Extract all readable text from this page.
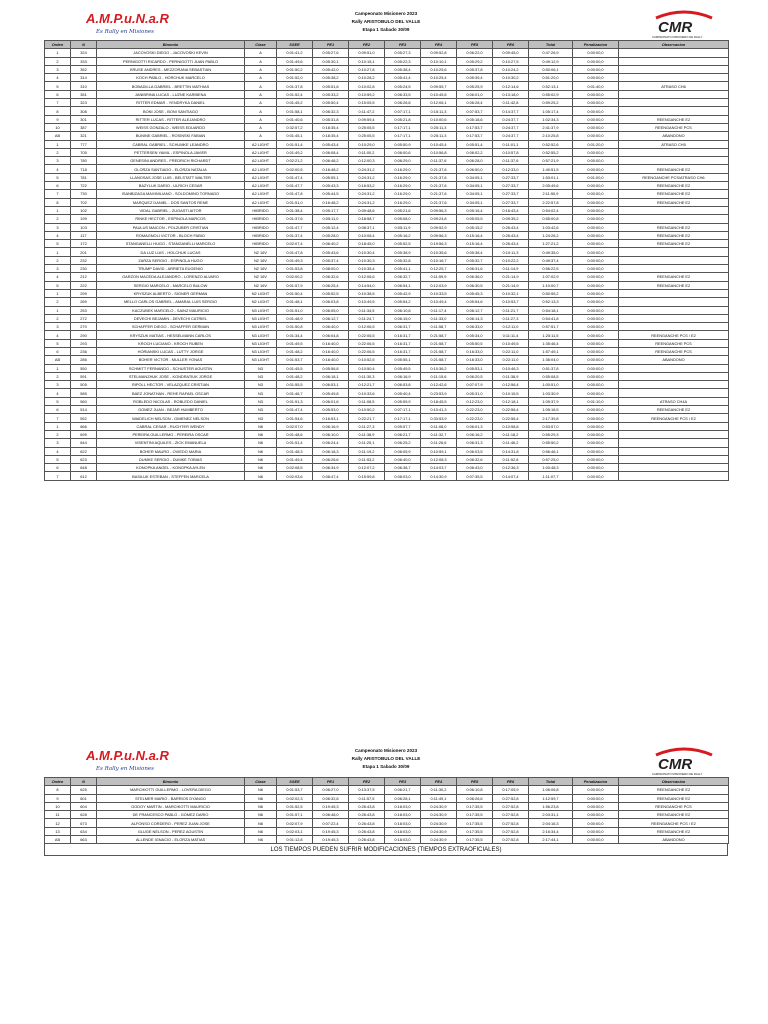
A.M.P.u.N.a.R
Es Rally en Misiones
Campeonato Misionero 2023
Rally ARISTOBULO DEL VALLE
Etapa 1 Sabado 30/09	CMR
CAMPEONATO MISIONERO DE RALLY
Orden	N	Binomio	Clase	SSEE	PE1	PE2	PE3	PE4	PE5	PE6	Total	Penalizacion	Observacion
1	324	JACOVOSKI DIEGO - JACOVOSKI KEVIN	A	0:01:41,2	0:05:27,6	0:09:51,0	0:05:27,3	0:09:52,8	0:06:22,0	0:09:45,0	0:47:26,9	0:00:00,0	
2	333	PERNIGOTTI RICARDO - PERNIGOTTI JUAN PABLO	A	0:01:49,6	0:05:30,1	0:10:15,1	0:05:22,3	0:10:10,1	0:05:29,2	0:10:27,5	0:49:12,9	0:00:00,0	
3	352	KRUSE ANDRES - MEZZORANA SEBASTIAN	A	0:01:50,2	0:05:42,0	0:10:27,8	0:05:38,4	0:10:25,6	0:05:37,8	0:10:24,2	0:50:06,1	0:00:00,0	
4	314	KOCH PABLO - HORCHUK MARCELO	A	0:01:52,0	0:05:38,2	0:10:28,2	0:05:41,4	0:10:25,4	0:05:39,4	0:10:30,2	0:51:20,0	0:00:00,0	
5	310	BOBADILLA GABRIEL - BRETTIN MATHIAS	A	0:01:37,8	0:05:51,8	0:10:02,8	0:05:24,5	0:09:55,7	0:05:25,9	0:12:14,6	0:52:13,1	0:01:40,0	ATRASO CH6
6	351	JANIBRINA LUCAS - LUZNE KARIBENA	A	0:01:52,4	0:05:33,2	0:10:59,2	0:06:33,5	0:10:45,6	0:06:01,0	0:13:18,0	0:55:02,9	0:00:00,0	
7	323	RITTER EDMAR - YENDRYKA DANIEL	A	0:01:45,2	0:05:50,4	0:15:05,5	0:06:26,8	0:12:06,1	0:06:28,4	0:11:42,8	0:59:25,2	0:00:00,0	
8	308	BONI JOSE - BONI SANTIAGO	A	0:01:58,1	0:06:32,3	0:11:47,2	0:07:17,1	0:15:11,3	0:07:53,7	0:14:37,7	1:05:17,4	0:00:00,0	
9	301	RITTER LUCAS - RITTER ALEJANDRO	A	0:01:40,6	0:05:31,8	0:09:59,4	0:05:21,8	0:10:00,6	0:05:18,6	0:24:37,7	1:02:34,3	0:00:00,0	REENGANCHE E2
10	387	WEISS GONZALO - WEISS EDUARDO	A	0:32:57,2	0:18:35,4	0:25:05,5	0:17:17,1	0:25:11,3	0:17:53,7	0:24:37,7	2:41:37,9	0:00:00,0	REENGANCHE PCS
AB	321	BUNINE GABRIEL - ROSINSKI FABIAN	A	0:01:45,1	0:18:35,4	0:25:05,5	0:17:17,1	0:25:11,3	0:17:53,7	0:24:37,7	2:10:25,8	0:00:00,0	ABANDONO
1	777	CABRAL GABRIEL - SCHUMKE LEANDRO	A2 LIGHT	0:01:51,4	0:05:43,4	0:10:29,0	0:05:50,9	0:10:45,4	0:05:51,4	0:11:01,1	0:52:52,6	0:01:20,0	ATRASO CH5
2	705	PETTERSEN YAMIL - ESPINOLA JAVIER	A2 LIGHT	0:01:49,2	0:06:08,4	0:11:00,2	0:06:00,6	0:10:56,8	0:06:02,2	0:10:57,8	0:52:55,2	0:00:00,0	
3	780	GENESINI ANDRES - FREDRICH RICHARDT	A2 LIGHT	0:02:21,2	0:06:48,2	0:12:00,3	0:06:29,0	0:11:37,6	0:06:28,0	0:11:37,6	0:57:21,9	0:00:00,0	
4	718	GLORZA SANTIAGO - ELORZA NATALIA	A2 LIGHT	0:02:00,5	0:16:48,2	0:24:31,2	0:16:29,0	0:21:37,6	0:06:50,0	0:12:33,0	1:40:51,5	0:00:00,0	REENGANCHE E2
5	781	LLANOSAS JOSE LUIS - BELSTATT WALTER	A2 LIGHT	0:01:47,4	0:05:55,1	0:24:31,2	0:16:29,0	0:21:37,6	0:34:05,1	0:27:33,7	1:53:01,1	0:01:00,0	REENGANCHE PCS/ATRASO CH6
6	722	BAZYLUK DARIO - ULRICH CESAR	A2 LIGHT	0:01:47,7	0:05:43,3	0:16:53,2	0:16:29,0	0:21:37,6	0:34:05,1	0:27:33,7	2:05:49,6	0:00:00,0	REENGANCHE E2
7	730	ISANBIZAGA MAXIMILIANO - SOLDOMINO TORNADO	A2 LIGHT	0:01:47,8	0:05:44,5	0:24:31,2	0:16:29,0	0:21:37,6	0:34:05,1	0:27:33,7	2:11:50,9	0:00:00,0	REENGANCHE E2
8	702	MARQUEZ DANIEL - DOS SANTOS RENE	A2 LIGHT	0:01:51,0	0:16:48,2	0:24:31,2	0:16:29,0	0:21:37,6	0:34:05,1	0:27:33,7	2:22:57,8	0:00:00,0	REENGANCHE E2
1	102	VIDAL GABRIEL - ZUGASTI AITOR	HIBRIDO	0:01:38,4	0:05:17,7	0:09:48,6	0:05:21,6	0:09:56,3	0:05:16,4	0:16:43,4	0:54:02,4	0:00:00,0	
2	199	RINKE HECTOR - ESPINOLA MARCOS	HIBRIDO	0:01:37,6	0:05:11,0	0:18:58,7	0:05:08,0	0:09:24,8	0:05:05,5	0:09:35,2	0:55:00,8	0:00:00,0	
3	103	PAULUS MAICON - POLZUBER CRISTIAN	HIBRIDO	0:01:47,7	0:05:12,4	0:08:37,1	0:05:11,9	0:09:52,9	0:05:15,2	0:26:43,4	1:03:42,6	0:00:00,0	REENGANCHE E2
4	117	ROMAGNOLI VICTOR - BLOCH FABIO	HIBRIDO	0:01:37,4	0:05:28,0	0:10:08,4	0:05:16,2	0:09:56,3	0:15:16,4	0:26:43,4	1:24:26,2	0:00:00,0	REENGANCHE E2
5	172	STANGANELLI HUGO - STANGANELLI MARCELO	HIBRIDO	0:02:07,4	0:06:40,2	0:18:45,0	0:05:52,5	0:19:56,3	0:15:16,4	0:26:43,4	1:27:21,2	0:00:00,0	REENGANCHE E2
1	201	DA LUZ LUIS - HOLCHUK LUCAS	N2 16V	0:01:47,8	0:05:43,6	0:10:30,4	0:05:38,9	0:10:35,6	0:05:38,4	0:10:11,3	0:49:35,0	0:00:00,0	
2	232	ZARZA SERGIO - ESPINOLA HUGO	N2 16V	0:01:49,3	0:05:37,4	0:10:30,3	0:05:32,8	0:10:16,7	0:05:32,7	0:10:22,2	0:49:37,4	0:00:00,0	
3	230	TRUMP DAVID - ARRIETA EUGENIO	N2 16V	0:01:53,8	0:08:00,0	0:10:35,4	0:05:41,1	0:12:25,7	0:06:31,6	0:11:14,9	0:56:22,5	0:00:00,0	
4	212	GARZON MACEDA ALEJANDRO - LORENZO ALVARO	N2 16V	0:02:00,2	0:06:32,6	0:12:06,6	0:06:32,7	0:11:59,9	0:06:36,0	0:21:14,9	1:07:02,9	0:00:00,0	REENGANCHE E2
5	222	SERGIO MARCELO - MARCELO BULOW	N2 16V	0:01:57,9	0:06:25,4	0:14:54,0	0:06:54,1	0:12:03,9	0:06:30,5	0:21:14,9	1:10:00,7	0:00:00,0	REENGANCHE E2
1	299	KRYSZUK ALBERTO - SIGNER GERMAN	N2 LIGHT	0:01:50,4	0:05:52,5	0:10:38,5	0:05:42,9	0:10:33,5	0:05:45,3	0:10:32,1	0:50:55,2	0:00:00,0	
2	269	MELLO CARLOS GABRIEL - AMARAL LUIS SERGIO	N2 LIGHT	0:01:48,1	0:06:03,8	0:10:49,5	0:05:54,2	0:10:49,4	0:05:54,6	0:10:53,7	0:52:13,3	0:00:00,0	
1	253	KACZUBEK MARCELO - SAINZ MAURICIO	N3 LIGHT	0:01:51,0	0:06:05,0	0:11:34,5	0:06:10,8	0:11:17,4	0:06:12,7	0:11:21,7	0:54:18,1	0:00:00,0	
2	272	DEVECHI BEJAMIN - DEVECHI CATRIEL	N3 LIGHT	0:01:48,9	0:06:12,7	0:11:24,7	0:06:15,0	0:11:33,0	0:06:14,3	0:11:27,3	0:54:41,8	0:00:00,0	
3	270	SCHAFFER DIEGO - SCHAFFER GERMAN	N3 LIGHT	0:01:50,8	0:06:40,0	0:12:06,5	0:06:31,7	0:11:58,7	0:06:33,0	0:12:11,0	0:57:51,7	0:00:00,0	
4	290	KRYSZUK MATIAS - HESSELMANN CARLOS	N3 LIGHT	0:01:34,4	0:06:04,8	0:22:06,5	0:16:31,7	0:21:58,7	0:05:34,0	0:11:11,4	1:25:11,5	0:00:00,0	REENGANCHE PCS / E2
5	293	KROCH LUCIANO - KROCH RUBEN	N3 LIGHT	0:01:49,5	0:16:40,0	0:22:06,5	0:16:31,7	0:21:58,7	0:05:50,5	0:10:49,5	1:35:46,4	0:00:00,0	REENGANCHE PCS
6	236	HORIANSKI LUCAS - LUTTY JORGE	N3 LIGHT	0:01:48,2	0:16:40,0	0:22:06,5	0:16:31,7	0:21:58,7	0:16:33,0	0:22:11,0	1:57:49,1	0:00:00,0	REENGANCHE PCS
AB	286	BOHER VICTOR - MULLER YONAS	N3 LIGHT	0:01:53,7	0:16:40,0	0:10:52,5	0:05:55,1	0:21:58,7	0:16:33,0	0:22:11,0	1:36:04,0	0:00:00,0	ABANDONO
1	550	SCHMITT FERNANDO - SCHUSTER AGUSTIN	N3	0:01:45,5	0:05:56,8	0:10:50,4	0:05:49,5	0:10:36,2	0:05:53,1	0:10:46,3	0:51:37,8	0:00:00,0	
2	591	STELMANZHUK JOSE - KONDRATIUK JORGE	N3	0:01:48,2	0:06:18,1	0:11:30,3	0:06:16,9	0:11:15,6	0:06:20,5	0:11:38,9	0:55:08,5	0:00:00,0	
3	505	RIPOLL HECTOR - VELAZQUEZ CRISTIAN	N3	0:01:55,5	0:06:53,1	0:12:21,7	0:06:53,8	0:12:42,6	0:07:07,9	0:12:56,4	1:00:51,0	0:00:00,0	
4	585	BAEZ JONATHAN - REHE RAFAEL OSCAR	N3	0:01:46,7	0:05:49,8	0:10:33,6	0:05:40,4	0:23:53,9	0:05:31,0	0:10:15,5	1:03:30,9	0:00:00,0	
5	560	ROBLEDO NICOLAS - ROBLEDO DANIEL	N3	0:01:51,3	0:06:01,6	0:11:08,5	0:05:59,9	0:18:45,5	0:12:23,0	0:12:18,1	1:09:37,9	0:01:10,0	ATRASO CH4A
6	514	GOMEZ JUAN - BEJAR HUMBERTO	N3	0:01:47,4	0:05:53,0	0:10:50,2	0:07:17,1	0:10:41,3	0:22:23,0	0:22:56,4	1:05:16,5	0:00:00,0	REENGANCHE E2
7	552	WAIDELICH NELSON - GIMENEZ NELSON	N3	0:01:54,6	0:16:53,1	0:22:21,7	0:17:17,1	0:33:53,9	0:22:23,0	0:22:56,4	2:17:39,8	0:00:00,0	REENGANCHE PCS / E2
1	666	CABRAL CESAR - RUCHTER WENDY	N6	0:02:07,0	0:06:16,9	0:11:27,3	0:05:57,7	0:11:08,0	0:06:01,3	0:10:58,8	0:53:57,0	0:00:00,0	
2	699	PEREIRA GUILLERMO - PEREIRA OSCAR	N6	0:01:48,6	0:06:10,0	0:11:38,9	0:06:21,7	0:11:32,7	0:06:16,2	0:11:18,2	0:55:29,3	0:00:00,0	
3	644	VISENTINI AQUILES - ZICK EMANUELA	N6	0:01:51,4	0:06:24,4	0:11:25,1	0:06:25,2	0:11:26,6	0:06:31,3	0:11:46,2	0:55:50,2	0:00:00,0	
4	622	BOHER MAURO - OVIEDO MARIA	N6	0:01:48,3	0:06:18,3	0:11:19,2	0:06:05,9	0:10:59,1	0:06:03,5	0:14:31,8	0:56:46,1	0:00:00,0	
5	623	DUMKE SERGIO - DUMKE TOBIAS	N6	0:01:49,4	0:06:26,6	0:11:53,2	0:06:40,0	0:12:08,3	0:06:32,6	0:11:52,8	0:57:25,0	0:00:00,0	
6	648	KONOPKA ANGEL - KONOPKA AYLEN	N6	0:02:08,5	0:06:34,9	0:12:07,2	0:06:38,7	0:14:03,7	0:06:43,0	0:12:36,3	1:00:48,3	0:00:00,0	
7	612	BASILUK ESTEBAN - STEFFEN MARCELA	N6	0:02:03,6	0:08:47,4	0:15:59,8	0:08:03,0	0:14:30,9	0:07:35,5	0:14:07,4	1:11:07,7	0:00:00,0	
A.M.P.u.N.a.R
Es Rally en Misiones
Campeonato Misionero 2023
Rally ARISTOBULO DEL VALLE
Etapa 1 Sabado 30/09	CMR
CAMPEONATO MISIONERO DE RALLY
Orden	N	Binomio	Clase	SSEE	PE1	PE2	PE3	PE4	PE5	PE6	Total	Penalizacion	Observacion
8	625	MARCHIOTTI GUILLERMO - LOVERA DIEGO	N6	0:01:53,7	0:06:27,0	0:13:37,5	0:06:21,7	0:11:30,2	0:06:10,8	0:17:05,9	1:06:06,8	0:00:00,0	REENGANCHE E2
9	601	STELMER MARIO - BARRIOS DYANGO	N6	0:02:02,3	0:06:32,8	0:11:57,5	0:06:28,1	0:11:49,1	0:06:26,6	0:27:52,8	1:12:59,7	0:00:00,0	REENGANCHE E2
10	604	GODOY MARTIN - MARCHIOTTI MAURICIO	N6	0:01:52,5	0:19:45,3	0:26:43,8	0:18:03,0	0:24:30,9	0:17:35,5	0:27:52,8	1:56:23,8	0:00:00,0	REENGANCHE PCS
11	628	DE FRANCESCO PABLO - GOMEZ DARIO	N6	0:01:57,1	0:06:48,0	0:26:43,8	0:18:03,0	0:24:30,9	0:17:35,5	0:27:52,8	2:03:31,1	0:00:00,0	REENGANCHE E2
12	673	ALFONSO CORDERO - PEREZ JUAN JOSE	N6	0:02:07,9	0:07:22,4	0:26:43,8	0:18:03,0	0:24:30,9	0:17:35,5	0:27:52,8	2:04:16,3	0:00:00,0	REENGANCHE PCS / E2
13	634	GLUGE NELSON - PEREZ AGUSTIN	N6	0:02:03,1	0:19:45,3	0:26:43,8	0:18:03,0	0:24:30,9	0:17:35,5	0:27:52,8	2:16:34,4	0:00:00,0	REENGANCHE E2
AB	663	ALLENDE IGNACIO - ELORZA MATIAS	N6	0:01:12,8	0:19:45,3	0:26:43,8	0:18:03,0	0:24:30,9	0:17:35,5	0:27:52,8	2:17:44,1	0:00:00,0	ABANDONO
LOS TIEMPOS PUEDEN SUFRIR MODIFICACIONES (TIEMPOS EXTRAOFICIALES)
